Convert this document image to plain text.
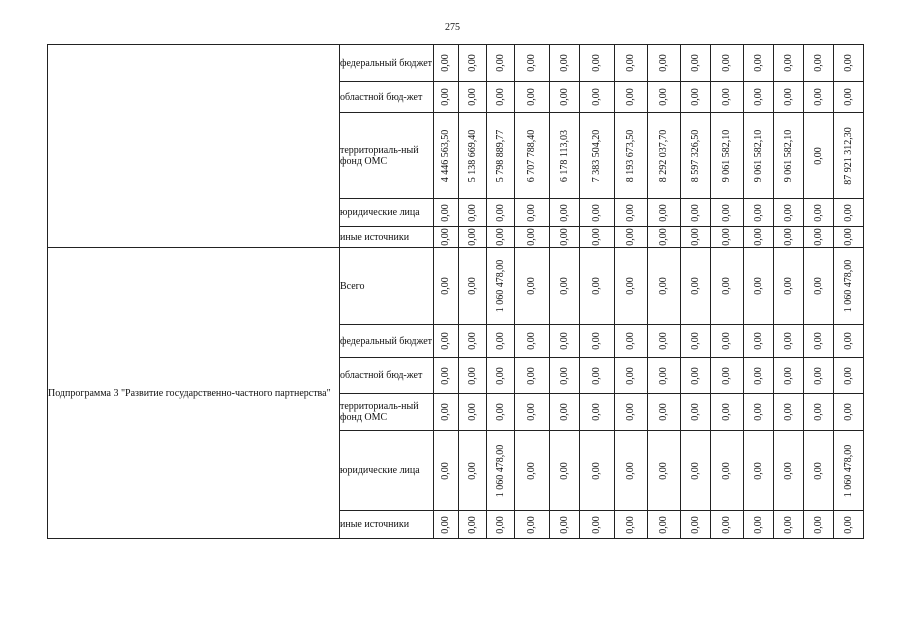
275
	федеральный бюджет	0,00	0,00	0,00	0,00	0,00	0,00	0,00	0,00	0,00	0,00	0,00	0,00	0,00	0,00

	областной бюд-жет	0,00	0,00	0,00	0,00	0,00	0,00	0,00	0,00	0,00	0,00	0,00	0,00	0,00	0,00

	территориаль-ный фонд ОМС	4 446 563,50	5 138 669,40	5 798 889,77	6 707 788,40	6 178 113,03	7 383 504,20	8 193 673,50	8 292 037,70	8 597 326,50	9 061 582,10	9 061 582,10	9 061 582,10	0,00	87 921 312,30

	юридические лица	0,00	0,00	0,00	0,00	0,00	0,00	0,00	0,00	0,00	0,00	0,00	0,00	0,00	0,00

	иные источники	0,00	0,00	0,00	0,00	0,00	0,00	0,00	0,00	0,00	0,00	0,00	0,00	0,00	0,00

Подпрограмма 3 "Развитие государственно-частного партнерства"	Всего	0,00	0,00	1 060 478,00	0,00	0,00	0,00	0,00	0,00	0,00	0,00	0,00	0,00	0,00	1 060 478,00

	федеральный бюджет	0,00	0,00	0,00	0,00	0,00	0,00	0,00	0,00	0,00	0,00	0,00	0,00	0,00	0,00

	областной бюд-жет	0,00	0,00	0,00	0,00	0,00	0,00	0,00	0,00	0,00	0,00	0,00	0,00	0,00	0,00

	территориаль-ный фонд ОМС	0,00	0,00	0,00	0,00	0,00	0,00	0,00	0,00	0,00	0,00	0,00	0,00	0,00	0,00

	юридические лица	0,00	0,00	1 060 478,00	0,00	0,00	0,00	0,00	0,00	0,00	0,00	0,00	0,00	0,00	1 060 478,00

	иные источники	0,00	0,00	0,00	0,00	0,00	0,00	0,00	0,00	0,00	0,00	0,00	0,00	0,00	0,00
